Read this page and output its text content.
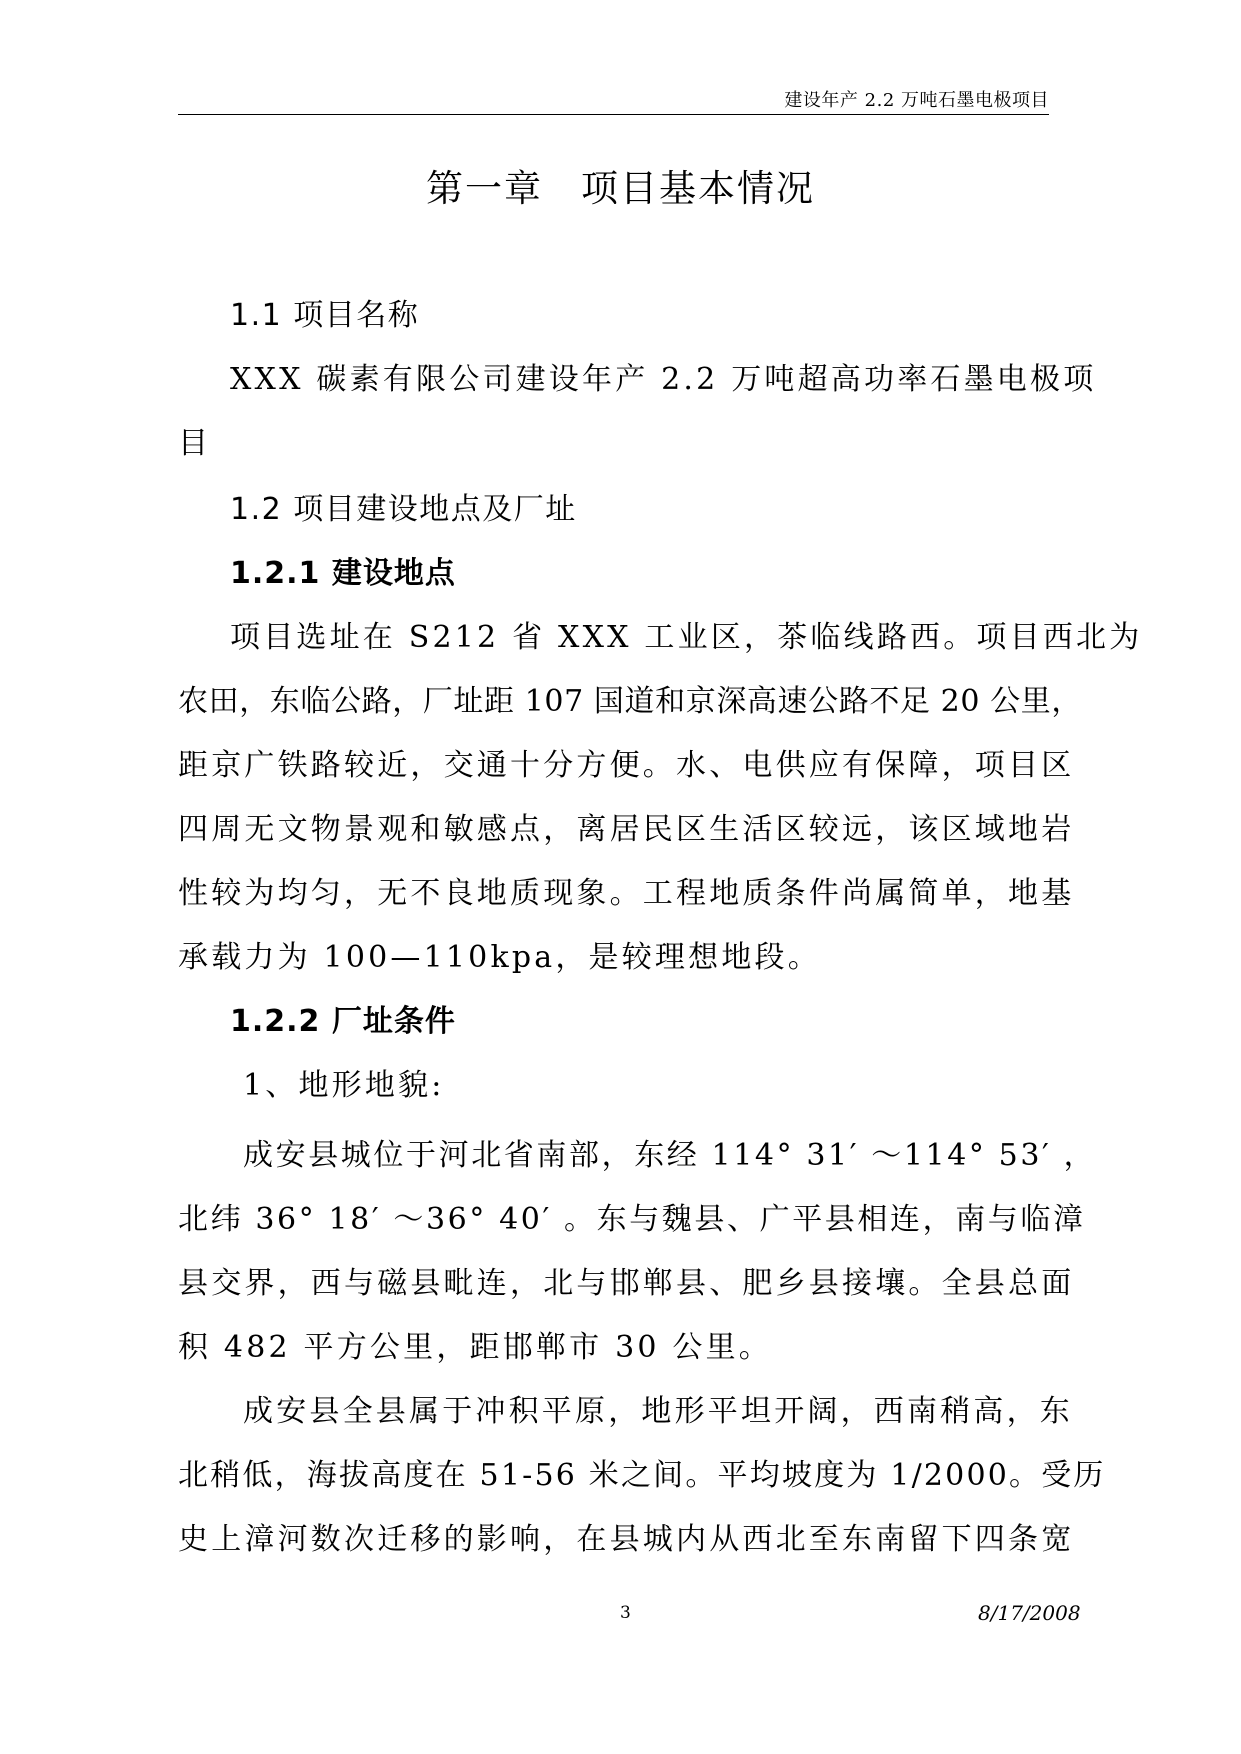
建设年产 2.2 万吨石墨电极项目
第一章 项目基本情况
1.1 项目名称
XXX 碳素有限公司建设年产 2.2 万吨超高功率石墨电极项
目
1.2 项目建设地点及厂址
1.2.1 建设地点
项目选址在 S212 省 XXX 工业区，茶临线路西。项目西北为
农田，东临公路，厂址距 107 国道和京深高速公路不足 20 公里，
距京广铁路较近，交通十分方便。水、电供应有保障，项目区
四周无文物景观和敏感点，离居民区生活区较远，该区域地岩
性较为均匀，无不良地质现象。工程地质条件尚属简单，地基
承载力为 100—110kpa，是较理想地段。
1.2.2 厂址条件
1、地形地貌:
成安县城位于河北省南部，东经 114° 31′ ～114° 53′ ，
北纬 36° 18′ ～36° 40′ 。东与魏县、广平县相连，南与临漳
县交界，西与磁县毗连，北与邯郸县、肥乡县接壤。全县总面
积 482 平方公里，距邯郸市 30 公里。
成安县全县属于冲积平原，地形平坦开阔，西南稍高，东
北稍低，海拔高度在 51-56 米之间。平均坡度为 1/2000。受历
史上漳河数次迁移的影响，在县城内从西北至东南留下四条宽
3	8/17/2008
